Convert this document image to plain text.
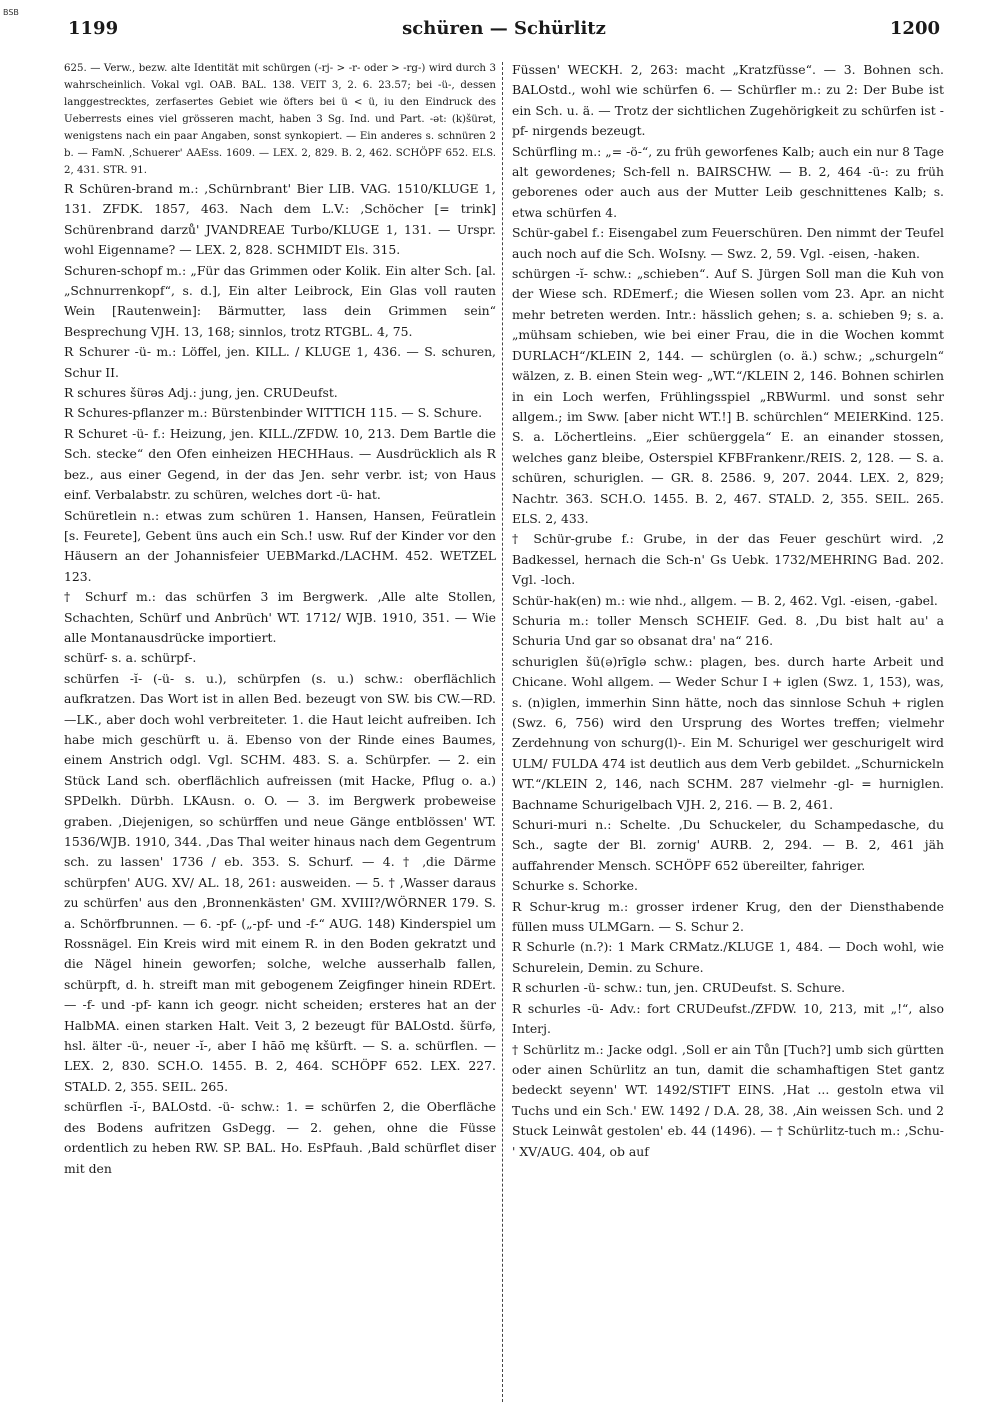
BSB
1199	schüren — Schürlitz	1200

625. — Verw., bezw. alte Identität mit schürgen (-rj- > -r- oder > -rg-) wird durch 3 wahrscheinlich. Vokal vgl. OAB. BAL. 138. VEIT 3, 2. 6. 23.57; bei -ü-, dessen langgestrecktes, zerfasertes Gebiet wie öfters bei ü < ü, iu den Eindruck des Ueberrests eines viel grösseren macht, haben 3 Sg. Ind. und Part. -ət: (k)šürət, wenigstens nach ein paar Angaben, sonst synkopiert. — Ein anderes s. schnüren 2 b. — FamN. ‚Schuerer' AAEss. 1609. — LEX. 2, 829. B. 2, 462. SCHÖPF 652. ELS. 2, 431. STR. 91.

R Schüren-brand m.: ‚Schürnbrant' Bier LIB. VAG. 1510/KLUGE 1, 131. ZFDK. 1857, 463. Nach dem L.V.: ‚Schöcher [= trink] Schürenbrand darzů' JVANDREAE Turbo/KLUGE 1, 131. — Urspr. wohl Eigenname? — LEX. 2, 828. SCHMIDT Els. 315.

Schuren-schopf m.: „Für das Grimmen oder Kolik. Ein alter Sch. [al. „Schnurrenkopf“, s. d.], Ein alter Leibrock, Ein Glas voll rauten Wein [Rautenwein]: Bärmutter, lass dein Grimmen sein“ Besprechung VJH. 13, 168; sinnlos, trotz RTGBL. 4, 75.

R Schurer -ü- m.: Löffel, jen. KILL. / KLUGE 1, 436. — S. schuren, Schur II.

R schures šürəs Adj.: jung, jen. CRUDeufst.

R Schures-pflanzer m.: Bürstenbinder WITTICH 115. — S. Schure.

R Schuret -ü- f.: Heizung, jen. KILL./ZFDW. 10, 213. Dem Bartle die Sch. stecke“ den Ofen einheizen HECHHaus. — Ausdrücklich als R bez., aus einer Gegend, in der das Jen. sehr verbr. ist; von Haus einf. Verbalabstr. zu schüren, welches dort -ü- hat.

Schüretlein n.: etwas zum schüren 1. Hansen, Hansen, Feüratlein [s. Feurete], Gebent üns auch ein Sch.! usw. Ruf der Kinder vor den Häusern an der Johannisfeier UEBMarkd./LACHM. 452. WETZEL 123.

† Schurf m.: das schürfen 3 im Bergwerk. ‚Alle alte Stollen, Schachten, Schürf und Anbrüch' WT. 1712/ WJB. 1910, 351. — Wie alle Montanausdrücke importiert.

schürf- s. a. schürpf-.

schürfen -ĭ- (-ü- s. u.), schürpfen (s. u.) schw.: oberflächlich aufkratzen. Das Wort ist in allen Bed. bezeugt von SW. bis CW.—RD.—LK., aber doch wohl verbreiteter. 1. die Haut leicht aufreiben. Ich habe mich geschürft u. ä. Ebenso von der Rinde eines Baumes, einem Anstrich odgl. Vgl. SCHM. 483. S. a. Schürpfer. — 2. ein Stück Land sch. oberflächlich aufreissen (mit Hacke, Pflug o. a.) SPDelkh. Dürbh. LKAusn. o. O. — 3. im Bergwerk probeweise graben. ‚Diejenigen, so schürffen und neue Gänge entblössen' WT. 1536/WJB. 1910, 344. ‚Das Thal weiter hinaus nach dem Gegentrum sch. zu lassen' 1736 / eb. 353. S. Schurf. — 4. † ‚die Därme schürpfen' AUG. XV/ AL. 18, 261: ausweiden. — 5. † ‚Wasser daraus zu schürfen' aus den ‚Bronnenkästen' GM. XVIII?/WÖRNER 179. S. a. Schörfbrunnen. — 6. -pf- („-pf- und -f-“ AUG. 148) Kinderspiel um Rossnägel. Ein Kreis wird mit einem R. in den Boden gekratzt und die Nägel hinein geworfen; solche, welche ausserhalb fallen, schürpft, d. h. streift man mit gebogenem Zeigfinger hinein RDErt. — -f- und -pf- kann ich geogr. nicht scheiden; ersteres hat an der HalbMA. einen starken Halt. Veit 3, 2 bezeugt für BALOstd. šürfə, hsl. älter -ü-, neuer -ĭ-, aber I hāō mę kšürft. — S. a. schürflen. — LEX. 2, 830. SCH.O. 1455. B. 2, 464. SCHÖPF 652. LEX. 227. STALD. 2, 355. SEIL. 265.

schürflen -ĭ-, BALOstd. -ü- schw.: 1. = schürfen 2, die Oberfläche des Bodens aufritzen GsDegg. — 2. gehen, ohne die Füsse ordentlich zu heben RW. SP. BAL. Ho. EsPfauh. ‚Bald schürflet diser mit den

Füssen' WECKH. 2, 263: macht „Kratzfüsse“. — 3. Bohnen sch. BALOstd., wohl wie schürfen 6. — Schürfler m.: zu 2: Der Bube ist ein Sch. u. ä. — Trotz der sichtlichen Zugehörigkeit zu schürfen ist -pf- nirgends bezeugt.

Schürfling m.: „= -ö-“, zu früh geworfenes Kalb; auch ein nur 8 Tage alt gewordenes; Sch-fell n. BAIRSCHW. — B. 2, 464 -ü-: zu früh geborenes oder auch aus der Mutter Leib geschnittenes Kalb; s. etwa schürfen 4.

Schür-gabel f.: Eisengabel zum Feuerschüren. Den nimmt der Teufel auch noch auf die Sch. WoIsny. — Swz. 2, 59. Vgl. -eisen, -haken.

schürgen -ĭ- schw.: „schieben“. Auf S. Jürgen Soll man die Kuh von der Wiese sch. RDEmerf.; die Wiesen sollen vom 23. Apr. an nicht mehr betreten werden. Intr.: hässlich gehen; s. a. schieben 9; s. a. „mühsam schieben, wie bei einer Frau, die in die Wochen kommt DURLACH“/KLEIN 2, 144. — schürglen (o. ä.) schw.; „schurgeln“ wälzen, z. B. einen Stein weg- „WT.“/KLEIN 2, 146. Bohnen schirlen in ein Loch werfen, Frühlingsspiel „RBWurml. und sonst sehr allgem.; im Sww. [aber nicht WT.!] B. schürchlen“ MEIERKind. 125. S. a. Löchertleins. „Eier schüerggela“ E. an einander stossen, welches ganz bleibe, Osterspiel KFBFrankenr./REIS. 2, 128. — S. a. schüren, schuriglen. — GR. 8. 2586. 9, 207. 2044. LEX. 2, 829; Nachtr. 363. SCH.O. 1455. B. 2, 467. STALD. 2, 355. SEIL. 265. ELS. 2, 433.

† Schür-grube f.: Grube, in der das Feuer geschürt wird. ‚2 Badkessel, hernach die Sch-n' Gs Uebk. 1732/MEHRING Bad. 202. Vgl. -loch.

Schür-hak(en) m.: wie nhd., allgem. — B. 2, 462. Vgl. -eisen, -gabel.

Schuria m.: toller Mensch SCHEIF. Ged. 8. ‚Du bist halt au' a Schuria Und gar so obsanat dra' na“ 216.

schuriglen šü(ə)rīglə schw.: plagen, bes. durch harte Arbeit und Chicane. Wohl allgem. — Weder Schur I + iglen (Swz. 1, 153), was, s. (n)iglen, immerhin Sinn hätte, noch das sinnlose Schuh + riglen (Swz. 6, 756) wird den Ursprung des Wortes treffen; vielmehr Zerdehnung von schurg(l)-. Ein M. Schurigel wer geschurigelt wird ULM/ FULDA 474 ist deutlich aus dem Verb gebildet. „Schurnickeln WT.“/KLEIN 2, 146, nach SCHM. 287 vielmehr -gl- = hurniglen. Bachname Schurigelbach VJH. 2, 216. — B. 2, 461.

Schuri-muri n.: Schelte. ‚Du Schuckeler, du Schampedasche, du Sch., sagte der Bl. zornig' AURB. 2, 294. — B. 2, 461 jäh auffahrender Mensch. SCHÖPF 652 übereilter, fahriger.

Schurke s. Schorke.

R Schur-krug m.: grosser irdener Krug, den der Diensthabende füllen muss ULMGarn. — S. Schur 2.

R Schurle (n.?): 1 Mark CRMatz./KLUGE 1, 484. — Doch wohl, wie Schurelein, Demin. zu Schure.

R schurlen -ü- schw.: tun, jen. CRUDeufst. S. Schure.

R schurles -ü- Adv.: fort CRUDeufst./ZFDW. 10, 213, mit „!“, also Interj.

† Schürlitz m.: Jacke odgl. ‚Soll er ain Tůn [Tuch?] umb sich gürtten oder ainen Schürlitz an tun, damit die schamhaftigen Stet gantz bedeckt seyenn' WT. 1492/STIFT EINS. ‚Hat ... gestoln etwa vil Tuchs und ein Sch.' EW. 1492 / D.A. 28, 38. ‚Ain weissen Sch. und 2 Stuck Leinwât gestolen' eb. 44 (1496). — † Schürlitz-tuch m.: ‚Schu-' XV/AUG. 404, ob auf
